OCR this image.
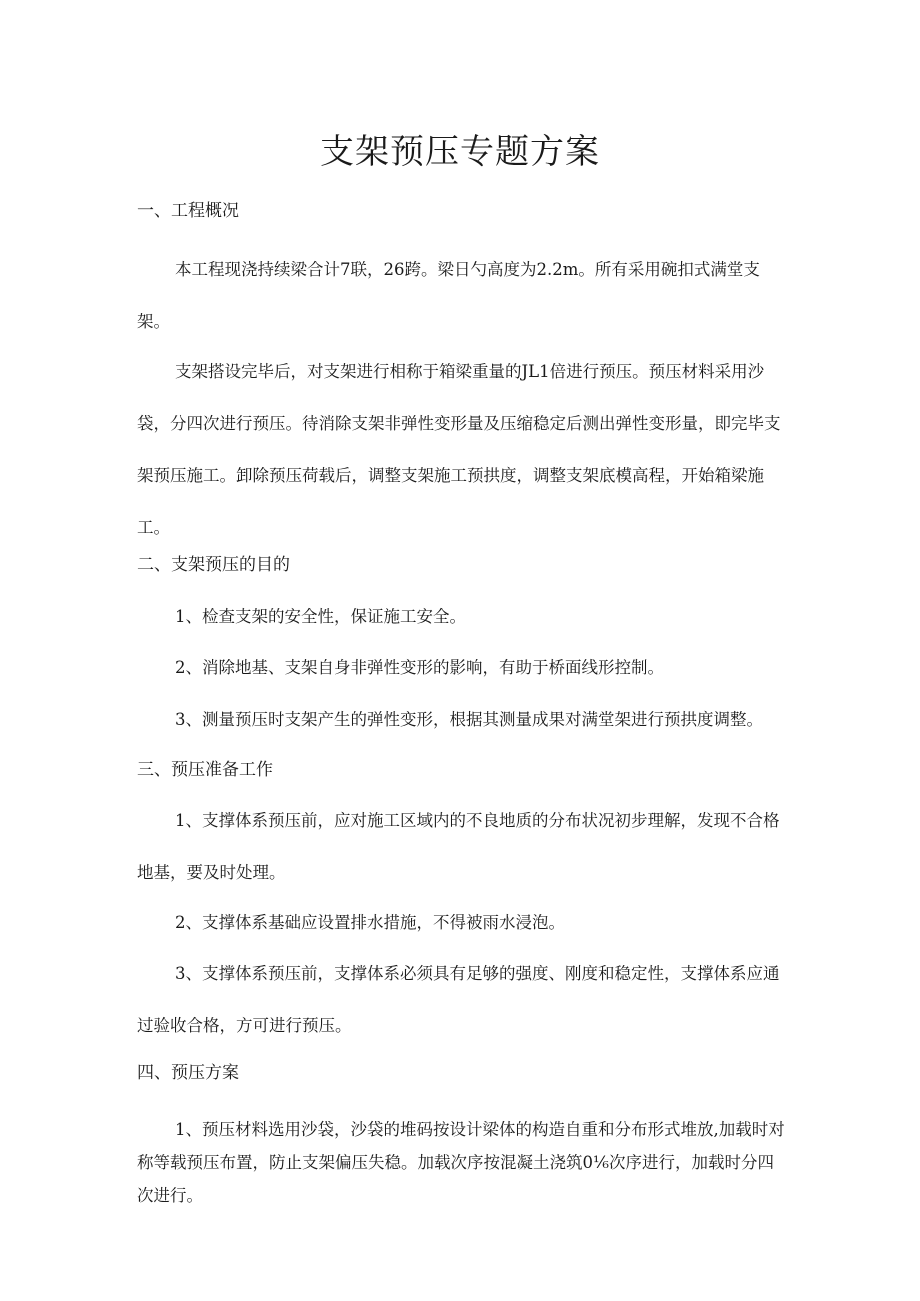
支架预压专题方案
一、工程概况

本工程现浇持续梁合计7联，26跨。梁日勺高度为2.2m。所有采用碗扣式满堂支架。

支架搭设完毕后，对支架进行相称于箱梁重量的JL1倍进行预压。预压材料采用沙袋，分四次进行预压。待消除支架非弹性变形量及压缩稳定后测出弹性变形量，即完毕支架预压施工。卸除预压荷载后，调整支架施工预拱度，调整支架底模高程，开始箱梁施工。

二、支架预压的目的
1、检查支架的安全性，保证施工安全。
2、消除地基、支架自身非弹性变形的影响，有助于桥面线形控制。
3、测量预压时支架产生的弹性变形，根据其测量成果对满堂架进行预拱度调整。
三、预压准备工作

1、支撑体系预压前，应对施工区域内的不良地质的分布状况初步理解，发现不合格地基，要及时处理。

2、支撑体系基础应设置排水措施，不得被雨水浸泡。

3、支撑体系预压前，支撑体系必须具有足够的强度、刚度和稳定性，支撑体系应通过验收合格，方可进行预压。

四、预压方案

1、预压材料选用沙袋，沙袋的堆码按设计梁体的构造自重和分布形式堆放,加载时对称等载预压布置，防止支架偏压失稳。加载次序按混凝土浇筑0⅙次序进行，加载时分四次进行。
